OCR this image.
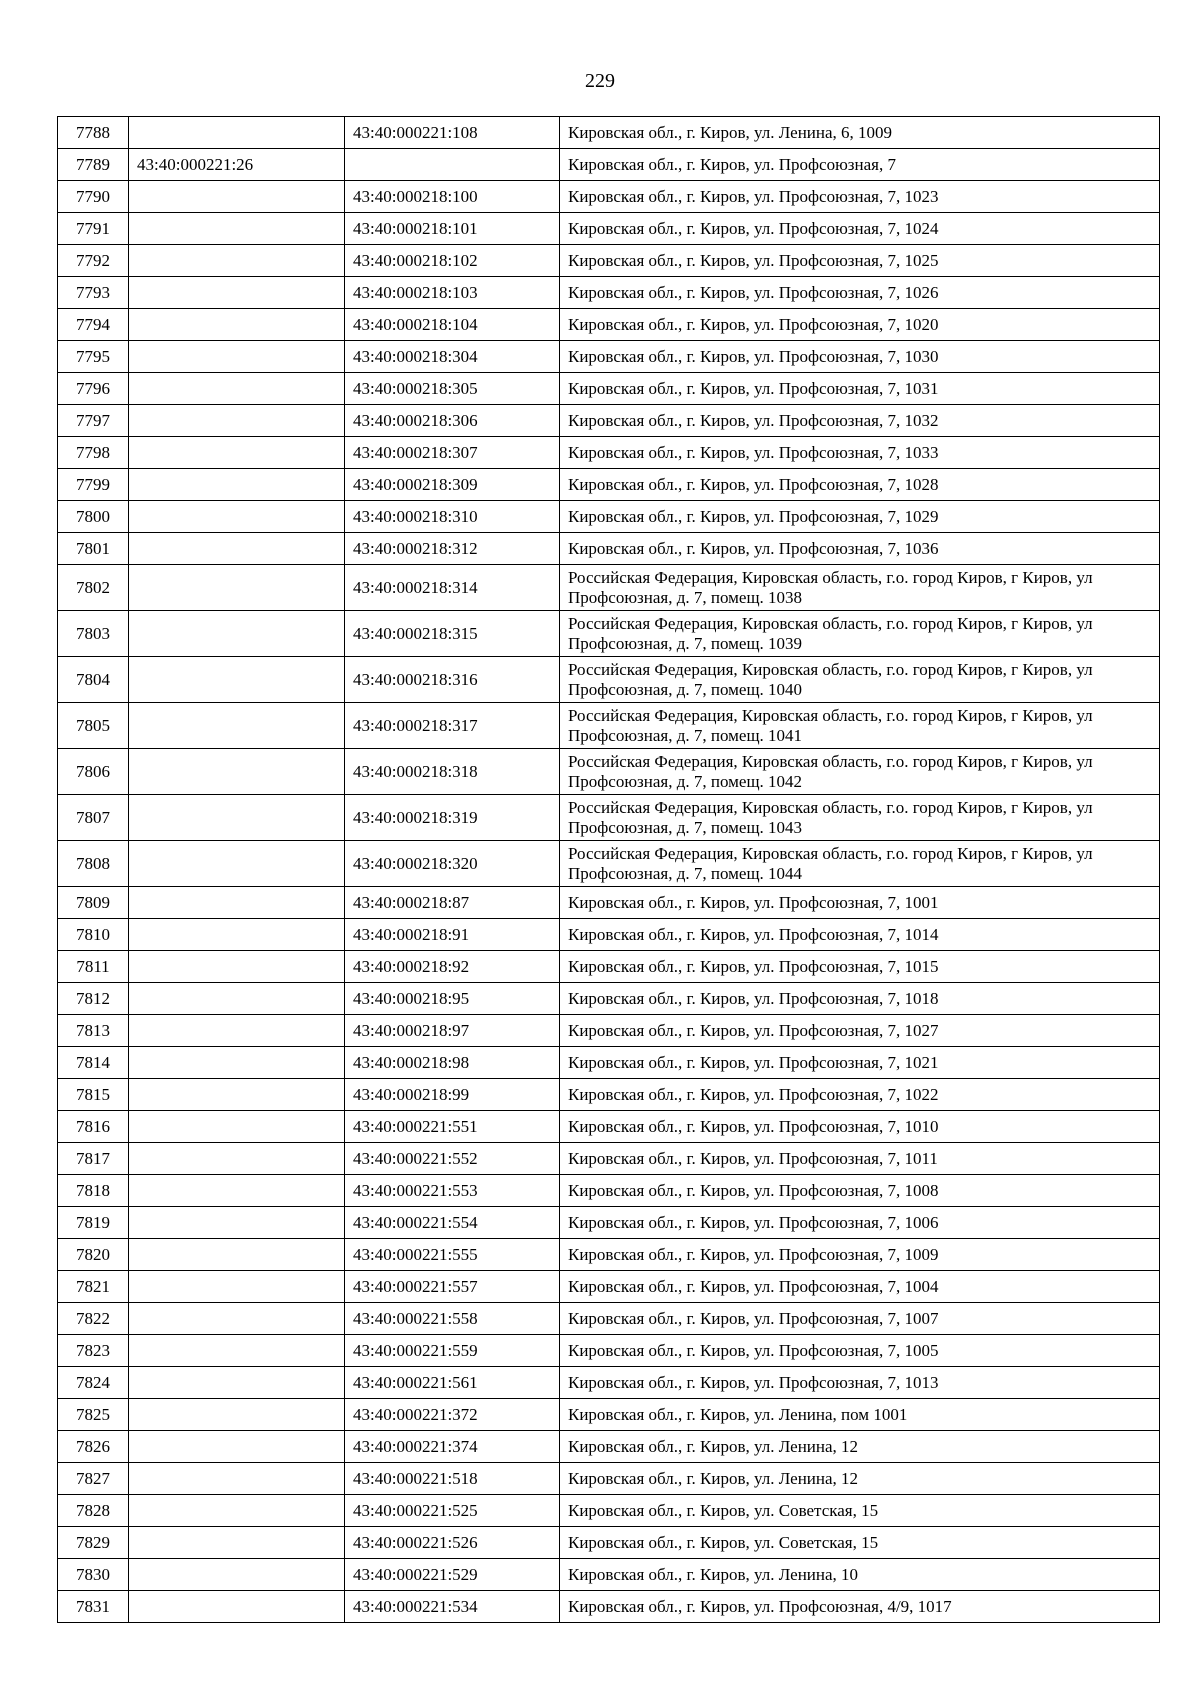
229
7788		43:40:000221:108	Кировская обл., г. Киров, ул. Ленина, 6, 1009
7789	43:40:000221:26		Кировская обл., г. Киров, ул. Профсоюзная, 7
7790		43:40:000218:100	Кировская обл., г. Киров, ул. Профсоюзная, 7, 1023
7791		43:40:000218:101	Кировская обл., г. Киров, ул. Профсоюзная, 7, 1024
7792		43:40:000218:102	Кировская обл., г. Киров, ул. Профсоюзная, 7, 1025
7793		43:40:000218:103	Кировская обл., г. Киров, ул. Профсоюзная, 7, 1026
7794		43:40:000218:104	Кировская обл., г. Киров, ул. Профсоюзная, 7, 1020
7795		43:40:000218:304	Кировская обл., г. Киров, ул. Профсоюзная, 7, 1030
7796		43:40:000218:305	Кировская обл., г. Киров, ул. Профсоюзная, 7, 1031
7797		43:40:000218:306	Кировская обл., г. Киров, ул. Профсоюзная, 7, 1032
7798		43:40:000218:307	Кировская обл., г. Киров, ул. Профсоюзная, 7, 1033
7799		43:40:000218:309	Кировская обл., г. Киров, ул. Профсоюзная, 7, 1028
7800		43:40:000218:310	Кировская обл., г. Киров, ул. Профсоюзная, 7, 1029
7801		43:40:000218:312	Кировская обл., г. Киров, ул. Профсоюзная, 7, 1036
7802		43:40:000218:314	Российская Федерация, Кировская область, г.о. город Киров, г Киров, ул Профсоюзная, д. 7, помещ. 1038
7803		43:40:000218:315	Российская Федерация, Кировская область, г.о. город Киров, г Киров, ул Профсоюзная, д. 7, помещ. 1039
7804		43:40:000218:316	Российская Федерация, Кировская область, г.о. город Киров, г Киров, ул Профсоюзная, д. 7, помещ. 1040
7805		43:40:000218:317	Российская Федерация, Кировская область, г.о. город Киров, г Киров, ул Профсоюзная, д. 7, помещ. 1041
7806		43:40:000218:318	Российская Федерация, Кировская область, г.о. город Киров, г Киров, ул Профсоюзная, д. 7, помещ. 1042
7807		43:40:000218:319	Российская Федерация, Кировская область, г.о. город Киров, г Киров, ул Профсоюзная, д. 7, помещ. 1043
7808		43:40:000218:320	Российская Федерация, Кировская область, г.о. город Киров, г Киров, ул Профсоюзная, д. 7, помещ. 1044
7809		43:40:000218:87	Кировская обл., г. Киров, ул. Профсоюзная, 7, 1001
7810		43:40:000218:91	Кировская обл., г. Киров, ул. Профсоюзная, 7, 1014
7811		43:40:000218:92	Кировская обл., г. Киров, ул. Профсоюзная, 7, 1015
7812		43:40:000218:95	Кировская обл., г. Киров, ул. Профсоюзная, 7, 1018
7813		43:40:000218:97	Кировская обл., г. Киров, ул. Профсоюзная, 7, 1027
7814		43:40:000218:98	Кировская обл., г. Киров, ул. Профсоюзная, 7, 1021
7815		43:40:000218:99	Кировская обл., г. Киров, ул. Профсоюзная, 7, 1022
7816		43:40:000221:551	Кировская обл., г. Киров, ул. Профсоюзная, 7, 1010
7817		43:40:000221:552	Кировская обл., г. Киров, ул. Профсоюзная, 7, 1011
7818		43:40:000221:553	Кировская обл., г. Киров, ул. Профсоюзная, 7, 1008
7819		43:40:000221:554	Кировская обл., г. Киров, ул. Профсоюзная, 7, 1006
7820		43:40:000221:555	Кировская обл., г. Киров, ул. Профсоюзная, 7, 1009
7821		43:40:000221:557	Кировская обл., г. Киров, ул. Профсоюзная, 7, 1004
7822		43:40:000221:558	Кировская обл., г. Киров, ул. Профсоюзная, 7, 1007
7823		43:40:000221:559	Кировская обл., г. Киров, ул. Профсоюзная, 7, 1005
7824		43:40:000221:561	Кировская обл., г. Киров, ул. Профсоюзная, 7, 1013
7825		43:40:000221:372	Кировская обл., г. Киров, ул. Ленина, пом 1001
7826		43:40:000221:374	Кировская обл., г. Киров, ул. Ленина, 12
7827		43:40:000221:518	Кировская обл., г. Киров, ул. Ленина, 12
7828		43:40:000221:525	Кировская обл., г. Киров, ул. Советская, 15
7829		43:40:000221:526	Кировская обл., г. Киров, ул. Советская, 15
7830		43:40:000221:529	Кировская обл., г. Киров, ул. Ленина, 10
7831		43:40:000221:534	Кировская обл., г. Киров, ул. Профсоюзная, 4/9, 1017
